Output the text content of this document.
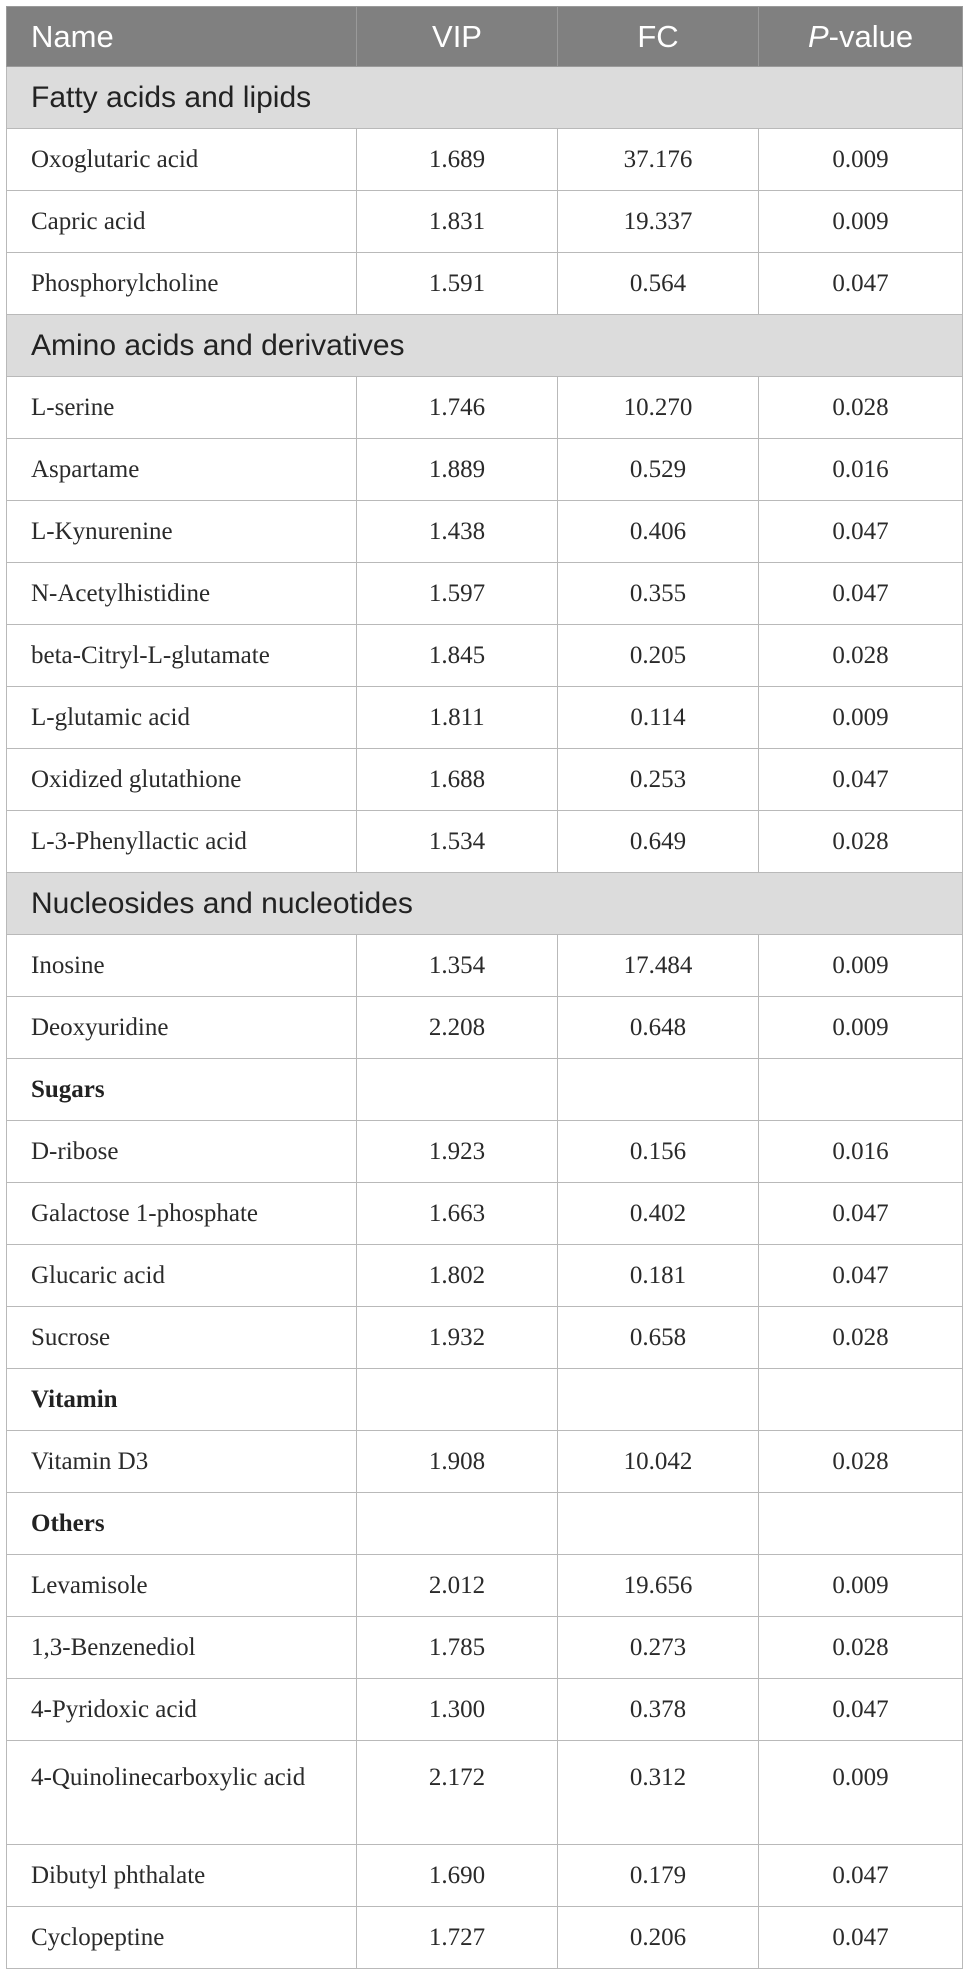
Name	VIP	FC	P-value
Fatty acids and lipids			
Oxoglutaric acid	1.689	37.176	0.009
Capric acid	1.831	19.337	0.009
Phosphorylcholine	1.591	0.564	0.047
Amino acids and derivatives			
L-serine	1.746	10.270	0.028
Aspartame	1.889	0.529	0.016
L-Kynurenine	1.438	0.406	0.047
N-Acetylhistidine	1.597	0.355	0.047
beta-Citryl-L-glutamate	1.845	0.205	0.028
L-glutamic acid	1.811	0.114	0.009
Oxidized glutathione	1.688	0.253	0.047
L-3-Phenyllactic acid	1.534	0.649	0.028
Nucleosides and nucleotides			
Inosine	1.354	17.484	0.009
Deoxyuridine	2.208	0.648	0.009
Sugars			
D-ribose	1.923	0.156	0.016
Galactose 1-phosphate	1.663	0.402	0.047
Glucaric acid	1.802	0.181	0.047
Sucrose	1.932	0.658	0.028
Vitamin			
Vitamin D3	1.908	10.042	0.028
Others			
Levamisole	2.012	19.656	0.009
1,3-Benzenediol	1.785	0.273	0.028
4-Pyridoxic acid	1.300	0.378	0.047
4-Quinolinecarboxylic acid	2.172	0.312	0.009
Dibutyl phthalate	1.690	0.179	0.047
Cyclopeptine	1.727	0.206	0.047
